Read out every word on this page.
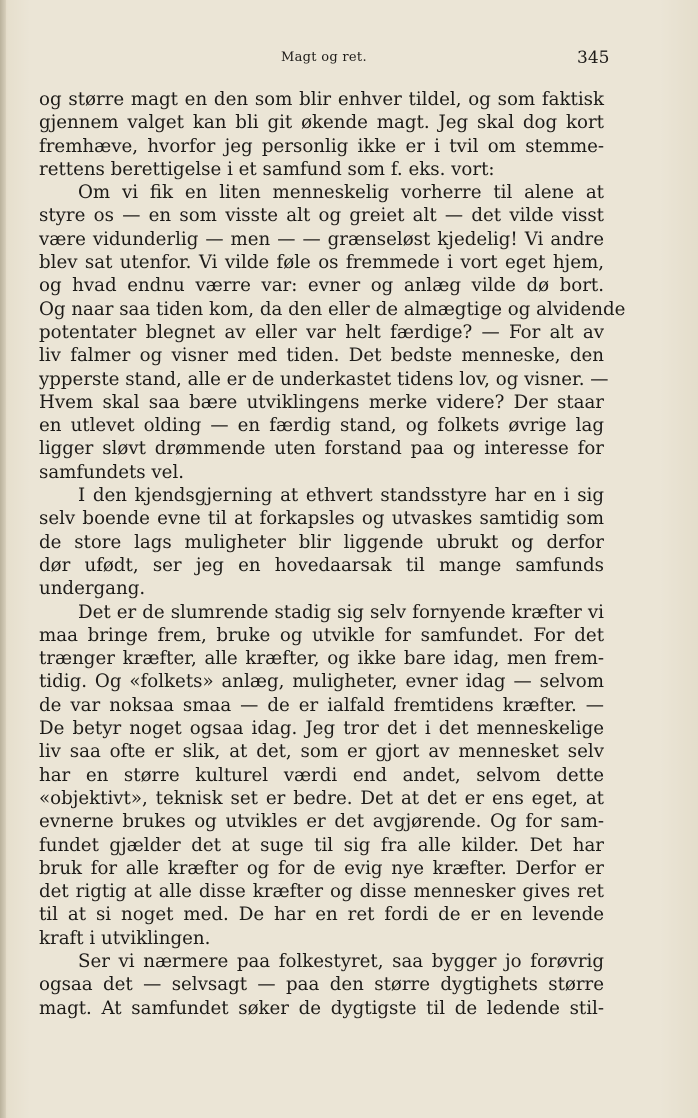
Magt og ret.	345
og større magt en den som blir enhver tildel, og som faktisk
gjennem valget kan bli git økende magt. Jeg skal dog kort
fremhæve, hvorfor jeg personlig ikke er i tvil om stemme-
rettens berettigelse i et samfund som f. eks. vort:
Om vi fik en liten menneskelig vorherre til alene at
styre os — en som visste alt og greiet alt — det vilde visst
være vidunderlig — men — — grænseløst kjedelig! Vi andre
blev sat utenfor. Vi vilde føle os fremmede i vort eget hjem,
og hvad endnu værre var: evner og anlæg vilde dø bort.
Og naar saa tiden kom, da den eller de almægtige og alvidende
potentater blegnet av eller var helt færdige? — For alt av
liv falmer og visner med tiden. Det bedste menneske, den
ypperste stand, alle er de underkastet tidens lov, og visner. —
Hvem skal saa bære utviklingens merke videre? Der staar
en utlevet olding — en færdig stand, og folkets øvrige lag
ligger sløvt drømmende uten forstand paa og interesse for
samfundets vel.
I den kjendsgjerning at ethvert standsstyre har en i sig
selv boende evne til at forkapsles og utvaskes samtidig som
de store lags muligheter blir liggende ubrukt og derfor
dør ufødt, ser jeg en hovedaarsak til mange samfunds
undergang.
Det er de slumrende stadig sig selv fornyende kræfter vi
maa bringe frem, bruke og utvikle for samfundet. For det
trænger kræfter, alle kræfter, og ikke bare idag, men frem-
tidig. Og «folkets» anlæg, muligheter, evner idag — selvom
de var noksaa smaa — de er ialfald fremtidens kræfter. —
De betyr noget ogsaa idag. Jeg tror det i det menneskelige
liv saa ofte er slik, at det, som er gjort av mennesket selv
har en større kulturel værdi end andet, selvom dette
«objektivt», teknisk set er bedre. Det at det er ens eget, at
evnerne brukes og utvikles er det avgjørende. Og for sam-
fundet gjælder det at suge til sig fra alle kilder. Det har
bruk for alle kræfter og for de evig nye kræfter. Derfor er
det rigtig at alle disse kræfter og disse mennesker gives ret
til at si noget med. De har en ret fordi de er en levende
kraft i utviklingen.
Ser vi nærmere paa folkestyret, saa bygger jo forøvrig
ogsaa det — selvsagt — paa den større dygtighets større
magt. At samfundet søker de dygtigste til de ledende stil-
